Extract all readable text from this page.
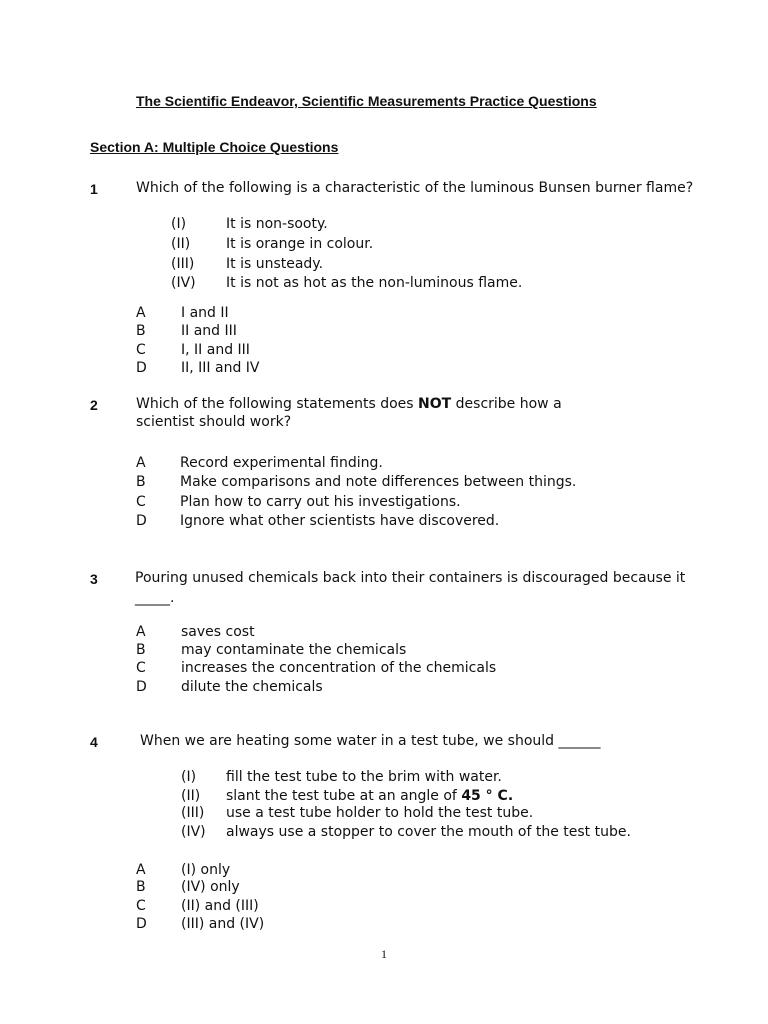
The Scientific Endeavor, Scientific Measurements Practice Questions
Section A: Multiple Choice Questions
1	Which of the following is a characteristic of the luminous Bunsen burner flame?
(I)	It is non-sooty.
(II)	It is orange in colour.
(III) It is unsteady.
(IV) It is not as hot as the non-luminous flame.
A	I and II
B	II and III
C	I, II and III
D II, III and IV
2	Which of the following statements does NOT describe how a
scientist should work?
A Record experimental finding.
B Make comparisons and note differences between things.
C Plan how to carry out his investigations.
D Ignore what other scientists have discovered.
3	Pouring unused chemicals back into their containers is discouraged because it
_____.
A	saves cost
B	may contaminate the chemicals
C	increases the concentration of the chemicals
D dilute the chemicals
4	When we are heating some water in a test tube, we should ______
(I) fill the test tube to the brim with water.
(II) slant the test tube at an angle of 45 ° C.
(III) use a test tube holder to hold the test tube.
(IV) always use a stopper to cover the mouth of the test tube.
A	(I) only
B	(IV) only
C	(II) and (III)
D (III) and (IV)
1
